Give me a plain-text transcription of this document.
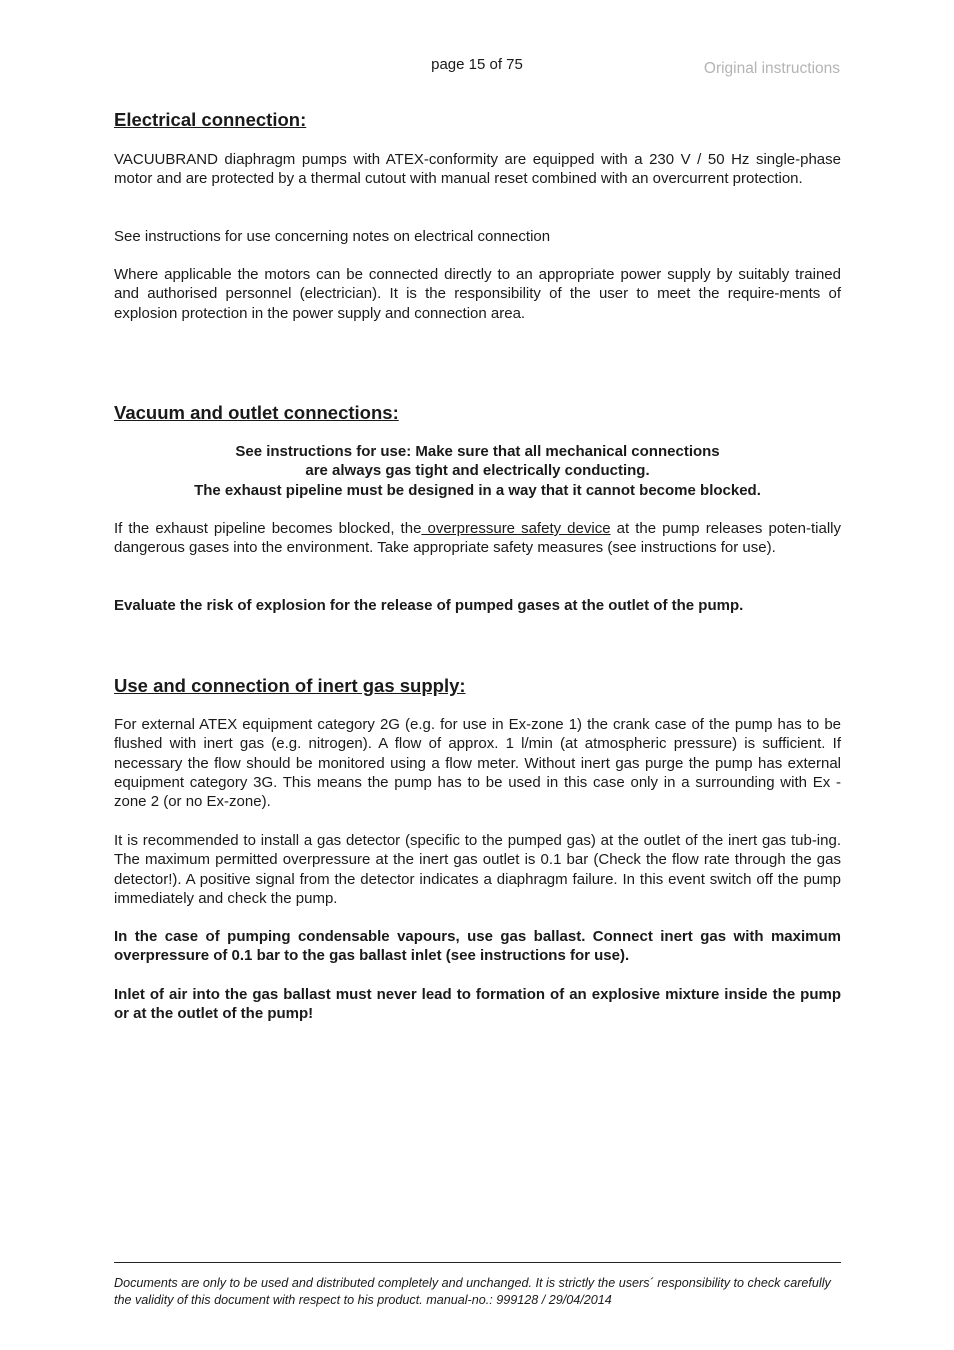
page 15 of 75	Original instructions
Electrical connection:

VACUUBRAND diaphragm pumps with ATEX-conformity are equipped with a 230 V / 50 Hz single-phase motor and are protected by a thermal cutout with manual reset combined with an overcurrent protection.

See instructions for use concerning notes on electrical connection

Where applicable the motors can be connected directly to an appropriate power supply by suitably trained and authorised personnel (electrician). It is the responsibility of the user to meet the require-ments of explosion protection in the power supply and connection area.

Vacuum and outlet connections:
See instructions for use: Make sure that all mechanical connections
are always gas tight and electrically conducting.
The exhaust pipeline must be designed in a way that it cannot become blocked.

If the exhaust pipeline becomes blocked, the overpressure safety device at the pump releases poten-tially dangerous gases into the environment. Take appropriate safety measures (see instructions for use).

Evaluate the risk of explosion for the release of pumped gases at the outlet of the pump.

Use and connection of inert gas supply:

For external ATEX equipment category 2G (e.g. for use in Ex-zone 1) the crank case of the pump has to be flushed with inert gas (e.g. nitrogen). A flow of approx. 1 l/min (at atmospheric pressure) is sufficient. If necessary the flow should be monitored using a flow meter. Without inert gas purge the pump has external equipment category 3G. This means the pump has to be used in this case only in a surrounding with Ex - zone 2 (or no Ex-zone).

It is recommended to install a gas detector (specific to the pumped gas) at the outlet of the inert gas tub-ing. The maximum permitted overpressure at the inert gas outlet is 0.1 bar (Check the flow rate through the gas detector!). A positive signal from the detector indicates a diaphragm failure. In this event switch off the pump immediately and check the pump.

In the case of pumping condensable vapours, use gas ballast. Connect inert gas with maximum overpressure of 0.1 bar to the gas ballast inlet (see instructions for use).

Inlet of air into the gas ballast must never lead to formation of an explosive mixture inside the pump or at the outlet of the pump!

Documents are only to be used and distributed completely and unchanged. It is strictly the users´ responsibility to check carefully
the validity of this document with respect to his product. manual-no.: 999128 / 29/04/2014
